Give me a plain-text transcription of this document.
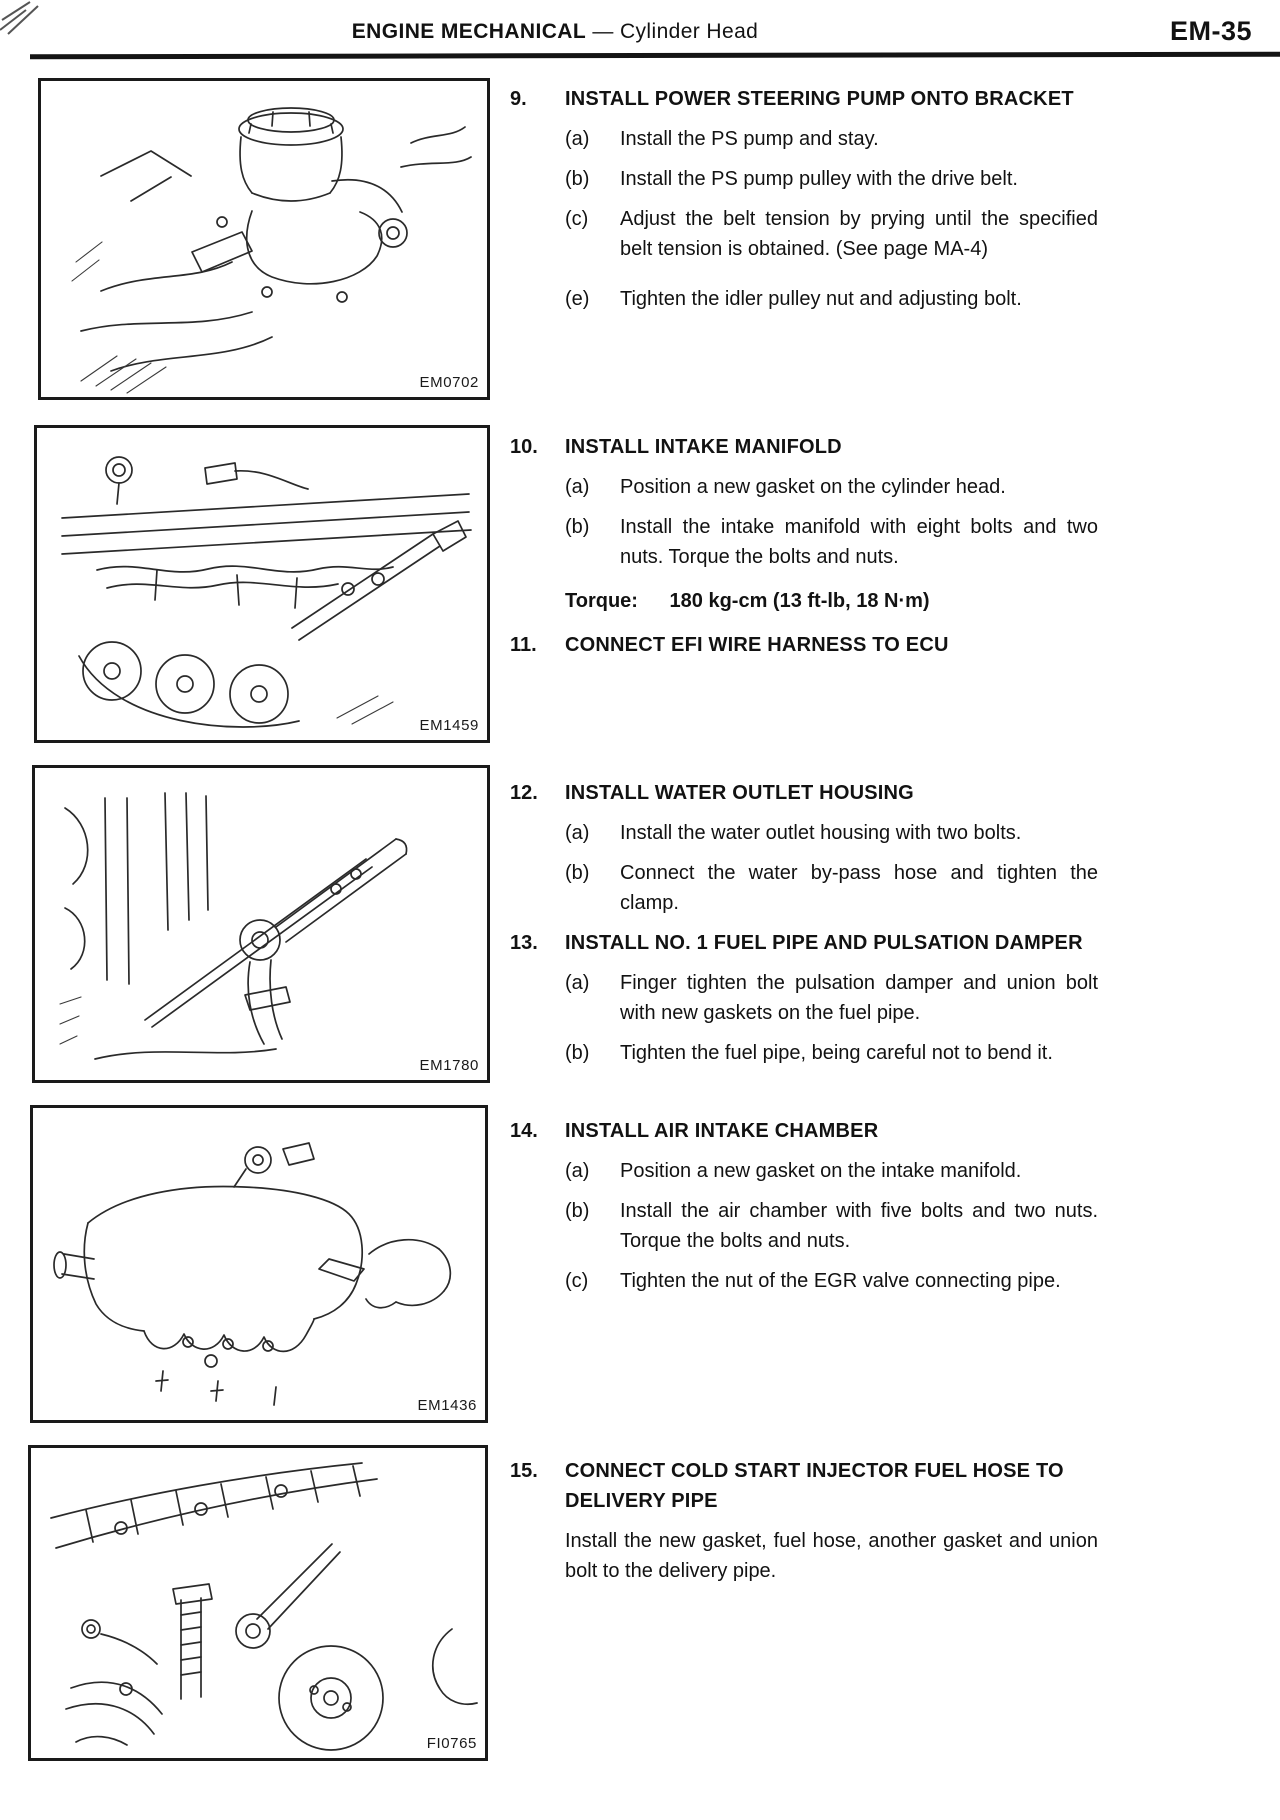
ENGINE MECHANICAL — Cylinder Head	EM-35
EM0702
EM1459
EM1780
EM1436
FI0765
9.	INSTALL POWER STEERING PUMP ONTO BRACKET
(a)	Install the PS pump and stay.
(b)	Install the PS pump pulley with the drive belt.
(c)	Adjust the belt tension by prying until the specified belt tension is obtained. (See page MA-4)
(e)	Tighten the idler pulley nut and adjusting bolt.
10.	INSTALL INTAKE MANIFOLD
(a)	Position a new gasket on the cylinder head.
(b)	Install the intake manifold with eight bolts and two nuts. Torque the bolts and nuts.
Torque: 180 kg-cm (13 ft-lb, 18 N·m)
11.	CONNECT EFI WIRE HARNESS TO ECU
12.	INSTALL WATER OUTLET HOUSING
(a)	Install the water outlet housing with two bolts.
(b)	Connect the water by-pass hose and tighten the clamp.
13.	INSTALL NO. 1 FUEL PIPE AND PULSATION DAMPER
(a)	Finger tighten the pulsation damper and union bolt with new gaskets on the fuel pipe.
(b)	Tighten the fuel pipe, being careful not to bend it.
14.	INSTALL AIR INTAKE CHAMBER
(a)	Position a new gasket on the intake manifold.
(b)	Install the air chamber with five bolts and two nuts. Torque the bolts and nuts.
(c)	Tighten the nut of the EGR valve connecting pipe.
15.	CONNECT COLD START INJECTOR FUEL HOSE TO DELIVERY PIPE
Install the new gasket, fuel hose, another gasket and union bolt to the delivery pipe.
